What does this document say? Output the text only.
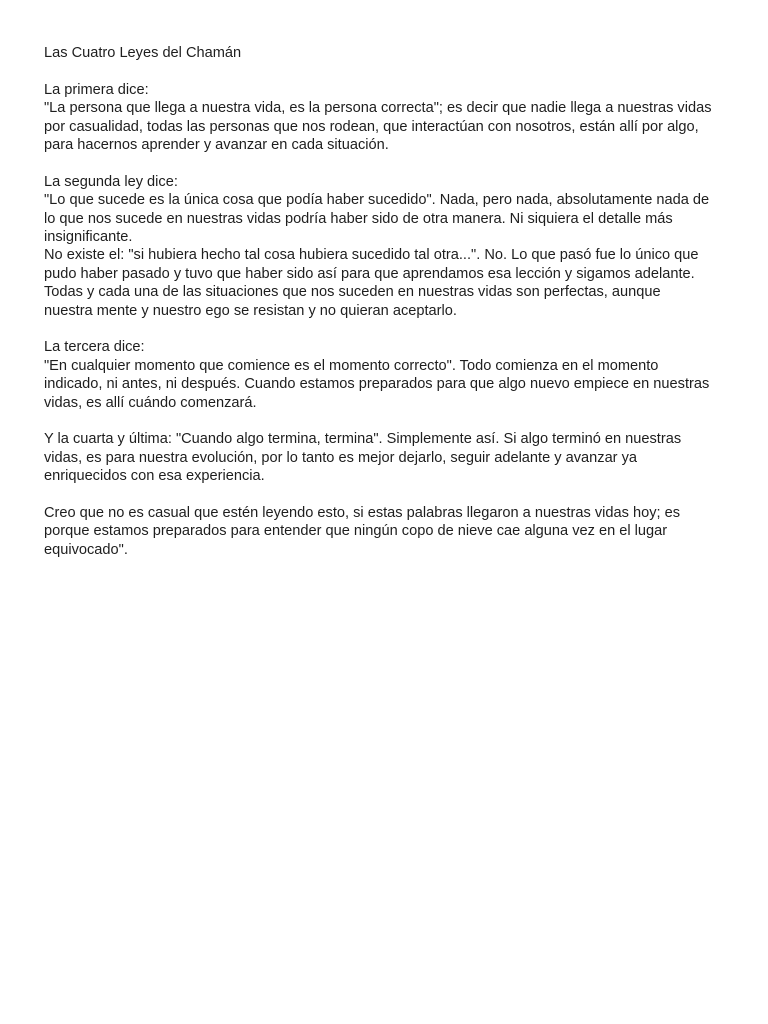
Las Cuatro Leyes del Chamán
La primera dice:
"La persona que llega a nuestra vida, es la persona correcta"; es decir que nadie llega a nuestras vidas
por casualidad, todas las personas que nos rodean, que interactúan con nosotros, están allí por algo,
para hacernos aprender y avanzar en cada situación.
La segunda ley dice:
"Lo que sucede es la única cosa que podía haber sucedido". Nada, pero nada, absolutamente nada de
lo que nos sucede en nuestras vidas podría haber sido de otra manera. Ni siquiera el detalle más
insignificante.
No existe el: "si hubiera hecho tal cosa hubiera sucedido tal otra...". No. Lo que pasó fue lo único que
pudo haber pasado y tuvo que haber sido así para que aprendamos esa lección y sigamos adelante.
Todas y cada una de las situaciones que nos suceden en nuestras vidas son perfectas, aunque
nuestra mente y nuestro ego se resistan y no quieran aceptarlo.
La tercera dice:
"En cualquier momento que comience es el momento correcto". Todo comienza en el momento
indicado, ni antes, ni después. Cuando estamos preparados para que algo nuevo empiece en nuestras
vidas, es allí cuándo comenzará.
Y la cuarta y última: "Cuando algo termina, termina". Simplemente así. Si algo terminó en nuestras
vidas, es para nuestra evolución, por lo tanto es mejor dejarlo, seguir adelante y avanzar ya
enriquecidos con esa experiencia.
Creo que no es casual que estén leyendo esto, si estas palabras llegaron a nuestras vidas hoy; es
porque estamos preparados para entender que ningún copo de nieve cae alguna vez en el lugar
equivocado".
